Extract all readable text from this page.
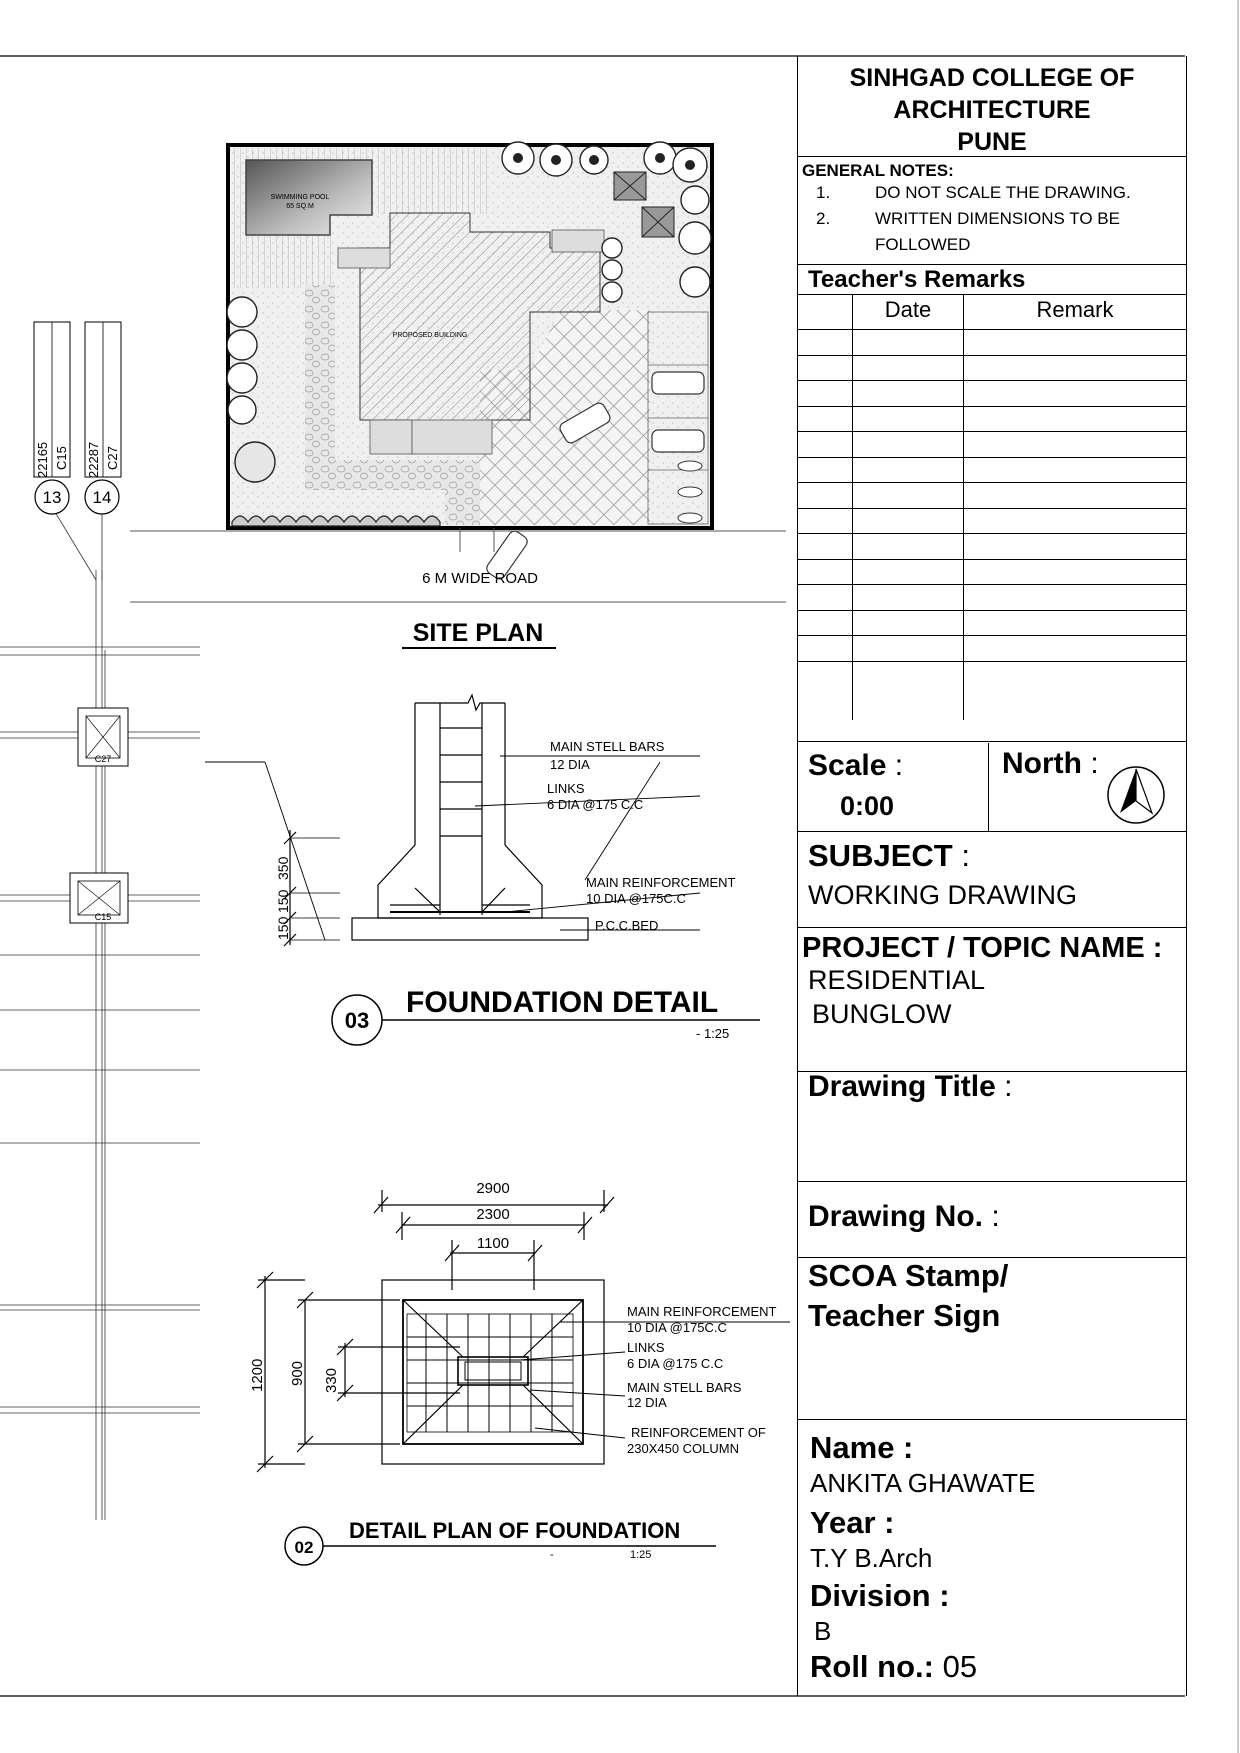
22165 C15 22287 C27
13 14
C27
C15
SWIMMING POOL
65 SQ.M
PROPOSED BUILDING
6 M WIDE ROAD
SITE PLAN
350
150
150
MAIN STELL BARS
12 DIA
LINKS
6 DIA @175 C.C
MAIN REINFORCEMENT
10 DIA @175C.C
P.C.C.BED
03
FOUNDATION DETAIL
- 1:25
2900
2300
1100
1200 900 330
MAIN REINFORCEMENT
10 DIA @175C.C
LINKS
6 DIA @175 C.C
MAIN STELL BARS
12 DIA
REINFORCEMENT OF
230X450 COLUMN
02
DETAIL PLAN OF FOUNDATION
-	1:25
SINHGAD COLLEGE OF
ARCHITECTURE
PUNE
GENERAL NOTES:
1.	DO NOT SCALE THE DRAWING.
2.	WRITTEN DIMENSIONS TO BE
FOLLOWED
Teacher's Remarks
Date	Remark
Scale :
0:00
North :
SUBJECT :
WORKING DRAWING
PROJECT / TOPIC NAME :
RESIDENTIAL
BUNGLOW
Drawing Title :
Drawing No. :
SCOA Stamp/
Teacher Sign
Name :
ANKITA GHAWATE
Year :
T.Y B.Arch
Division :
B
Roll no.: 05
